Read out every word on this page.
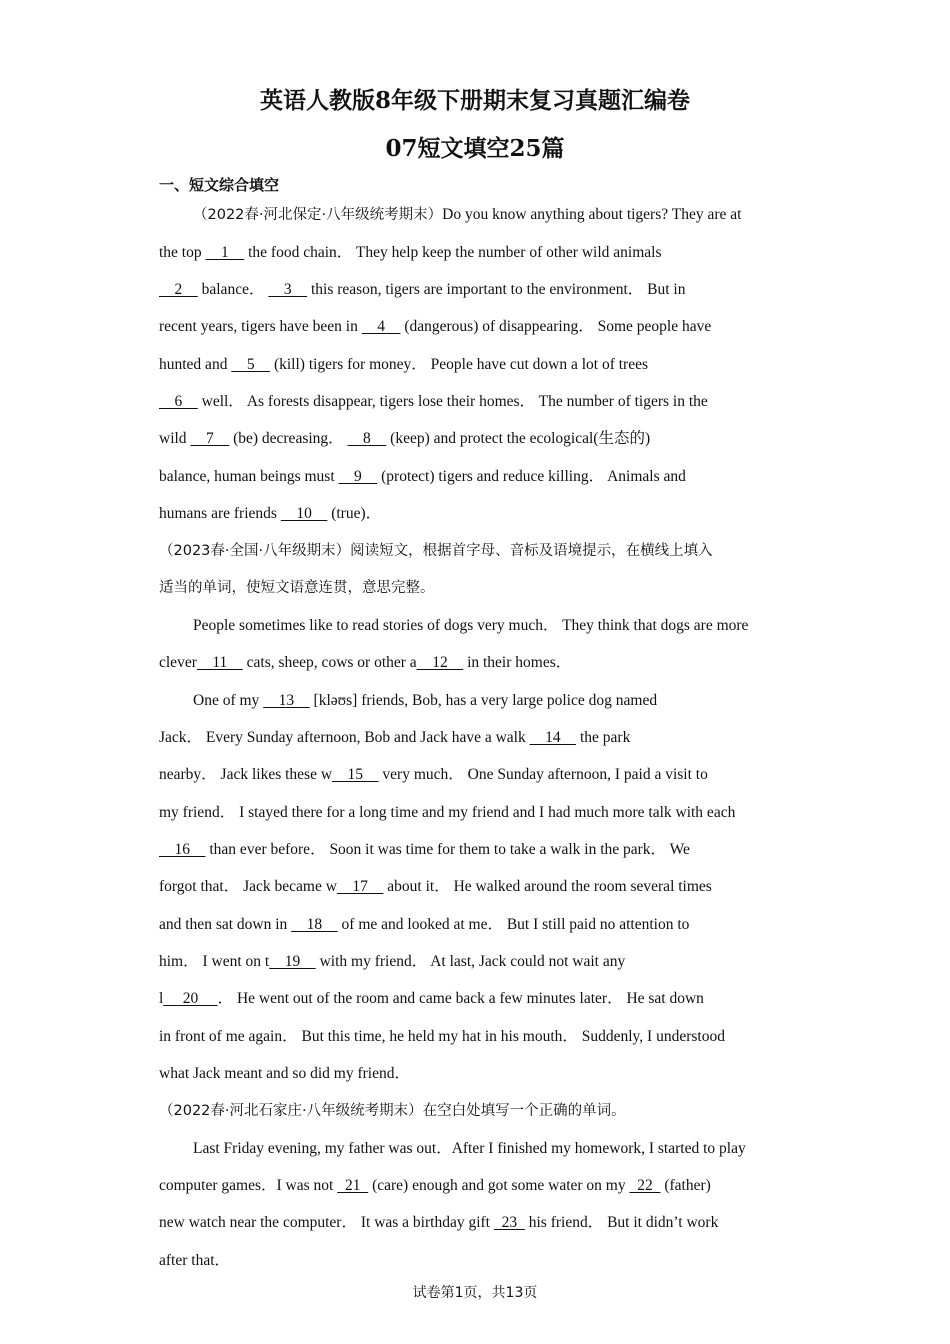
英语人教版8年级下册期末复习真题汇编卷
07短文填空25篇
一、短文综合填空
（2022春·河北保定·八年级统考期末）Do you know anything about tigers? They are at
the top     1     the food chain． They help keep the number of other wild animals
2     balance．     3     this reason, tigers are important to the environment． But in
recent years, tigers have been in     4     (dangerous) of disappearing． Some people have
hunted and     5     (kill) tigers for money． People have cut down a lot of trees
6     well． As forests disappear, tigers lose their homes． The number of tigers in the
wild     7     (be) decreasing．     8     (keep) and protect the ecological(生态的)
balance, human beings must     9     (protect) tigers and reduce killing． Animals and
humans are friends     10     (true)．
（2023春·全国·八年级期末）阅读短文，根据首字母、音标及语境提示，在横线上填入
适当的单词，使短文语意连贯，意思完整。
People sometimes like to read stories of dogs very much． They think that dogs are more
clever    11     cats, sheep, cows or other a    12     in their homes．
One of my     13     [kləʊs] friends, Bob, has a very large police dog named
Jack． Every Sunday afternoon, Bob and Jack have a walk     14     the park
nearby． Jack likes these w    15     very much． One Sunday afternoon, I paid a visit to
my friend． I stayed there for a long time and my friend and I had much more talk with each
16     than ever before． Soon it was time for them to take a walk in the park． We
forgot that． Jack became w    17     about it． He walked around the room several times
and then sat down in     18     of me and looked at me． But I still paid no attention to
him． I went on t    19     with my friend． At last, Jack could not wait any
l     20     ． He went out of the room and came back a few minutes later． He sat down
in front of me again． But this time, he held my hat in his mouth． Suddenly, I understood
what Jack meant and so did my friend．
（2022春·河北石家庄·八年级统考期末）在空白处填写一个正确的单词。
Last Friday evening, my father was out．After I finished my homework, I started to play
computer games．I was not   21   (care) enough and got some water on my   22   (father)
new watch near the computer． It was a birthday gift   23   his friend． But it didn’t work
after that．
试卷第1页，共13页
